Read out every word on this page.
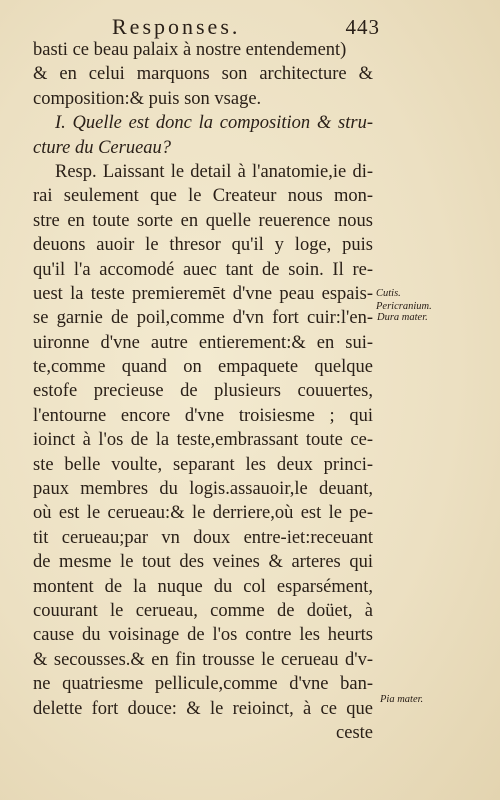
Responses.	443
basti ce beau palaix à nostre entendement)
& en celui marquons son architecture &
composition:& puis son vsage.
I. Quelle est donc la composition & stru-
cture du Cerueau?
Resp. Laissant le detail à l'anatomie,ie di-
rai seulement que le Createur nous mon-
stre en toute sorte en quelle reuerence nous
deuons auoir le thresor qu'il y loge, puis
qu'il l'a accomodé auec tant de soin. Il re-
uest la teste premieremēt d'vne peau espais-
se garnie de poil,comme d'vn fort cuir:l'en-
uironne d'vne autre entierement:& en sui-
te,comme quand on empaquete quelque
estofe precieuse de plusieurs couuertes,
l'entourne encore d'vne troisiesme ; qui
ioinct à l'os de la teste,embrassant toute ce-
ste belle voulte, separant les deux princi-
paux membres du logis.assauoir,le deuant,
où est le cerueau:& le derriere,où est le pe-
tit cerueau;par vn doux entre-iet:receuant
de mesme le tout des veines & arteres qui
montent de la nuque du col esparsément,
couurant le cerueau, comme de doüet, à
cause du voisinage de l'os contre les heurts
& secousses.& en fin trousse le cerueau d'v-
ne quatriesme pellicule,comme d'vne ban-
delette fort douce: & le reioinct, à ce que
ceste
Cutis.
Pericranium.
Dura mater.
Pia mater.
